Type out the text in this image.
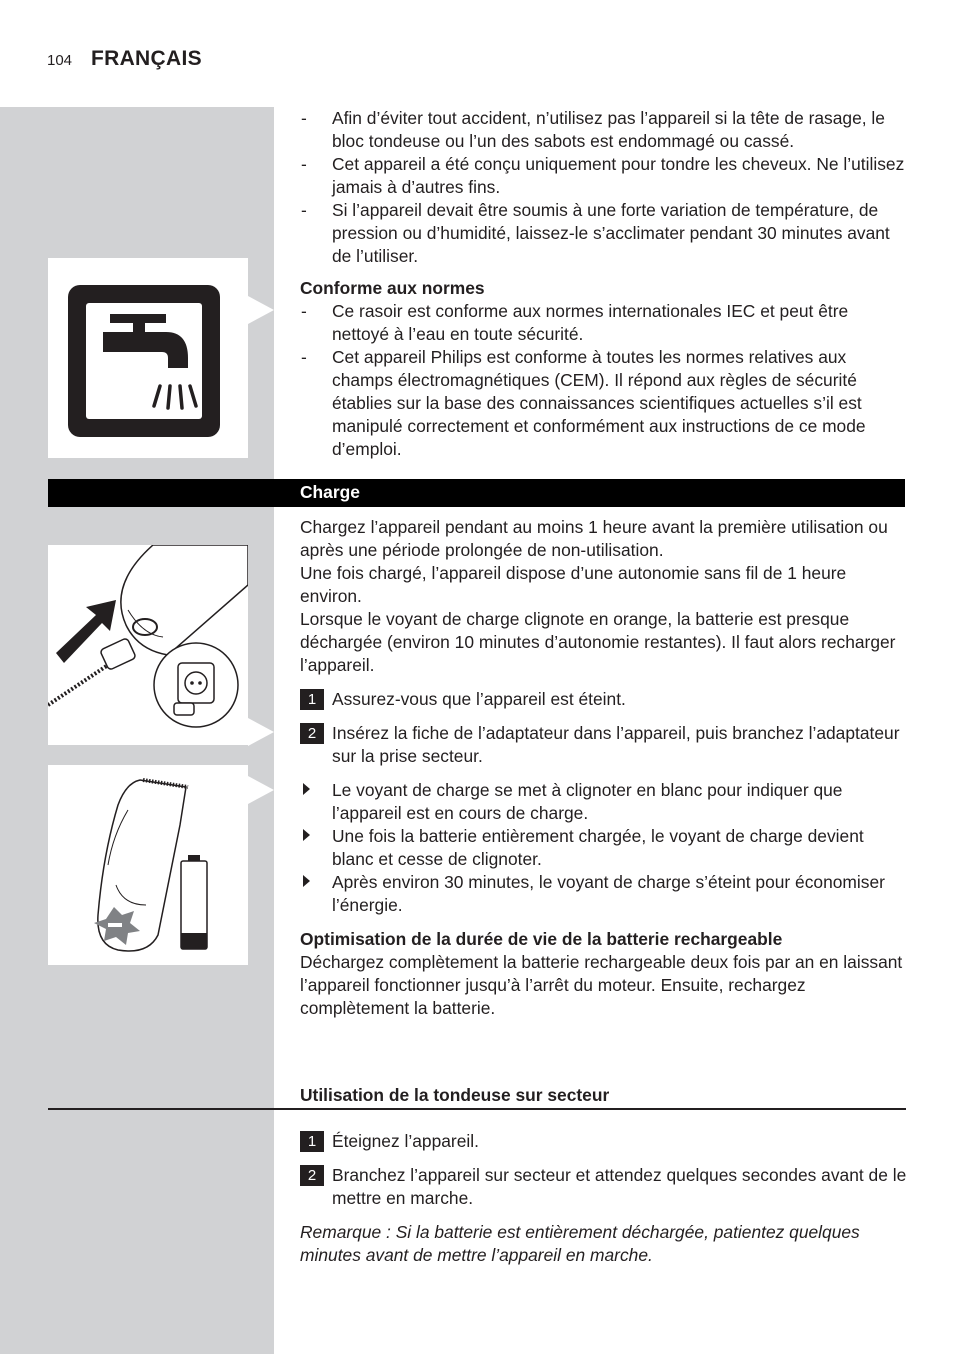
104 FRANÇAIS
- Afin d’éviter tout accident, n’utilisez pas l’appareil si la tête de rasage, le bloc tondeuse ou l’un des sabots est endommagé ou cassé.
- Cet appareil a été conçu uniquement pour tondre les cheveux. Ne l’utilisez jamais à d’autres fins.
- Si l’appareil devait être soumis à une forte variation de température, de pression ou d’humidité, laissez-le s’acclimater pendant 30 minutes avant de l’utiliser.
Conforme aux normes
- Ce rasoir est conforme aux normes internationales IEC et peut être nettoyé à l’eau en toute sécurité.
- Cet appareil Philips est conforme à toutes les normes relatives aux champs électromagnétiques (CEM). Il répond aux règles de sécurité établies sur la base des connaissances scientifiques actuelles s’il est manipulé correctement et conformément aux instructions de ce mode d’emploi.
Charge
Chargez l’appareil pendant au moins 1 heure avant la première utilisation ou après une période prolongée de non-utilisation.
Une fois chargé, l’appareil dispose d’une autonomie sans fil de 1 heure environ.
Lorsque le voyant de charge clignote en orange, la batterie est presque déchargée (environ 10 minutes d’autonomie restantes). Il faut alors recharger l’appareil.
1 Assurez-vous que l’appareil est éteint.
2 Insérez la fiche de l’adaptateur dans l’appareil, puis branchez l’adaptateur sur la prise secteur.
Le voyant de charge se met à clignoter en blanc pour indiquer que l’appareil est en cours de charge.
Une fois la batterie entièrement chargée, le voyant de charge devient blanc et cesse de clignoter.
Après environ 30 minutes, le voyant de charge s’éteint pour économiser l’énergie.
Optimisation de la durée de vie de la batterie rechargeable
Déchargez complètement la batterie rechargeable deux fois par an en laissant l’appareil fonctionner jusqu’à l’arrêt du moteur. Ensuite, rechargez complètement la batterie.
Utilisation de la tondeuse sur secteur
1 Éteignez l’appareil.
2 Branchez l’appareil sur secteur et attendez quelques secondes avant de le mettre en marche.
Remarque : Si la batterie est entièrement déchargée, patientez quelques minutes avant de mettre l’appareil en marche.
